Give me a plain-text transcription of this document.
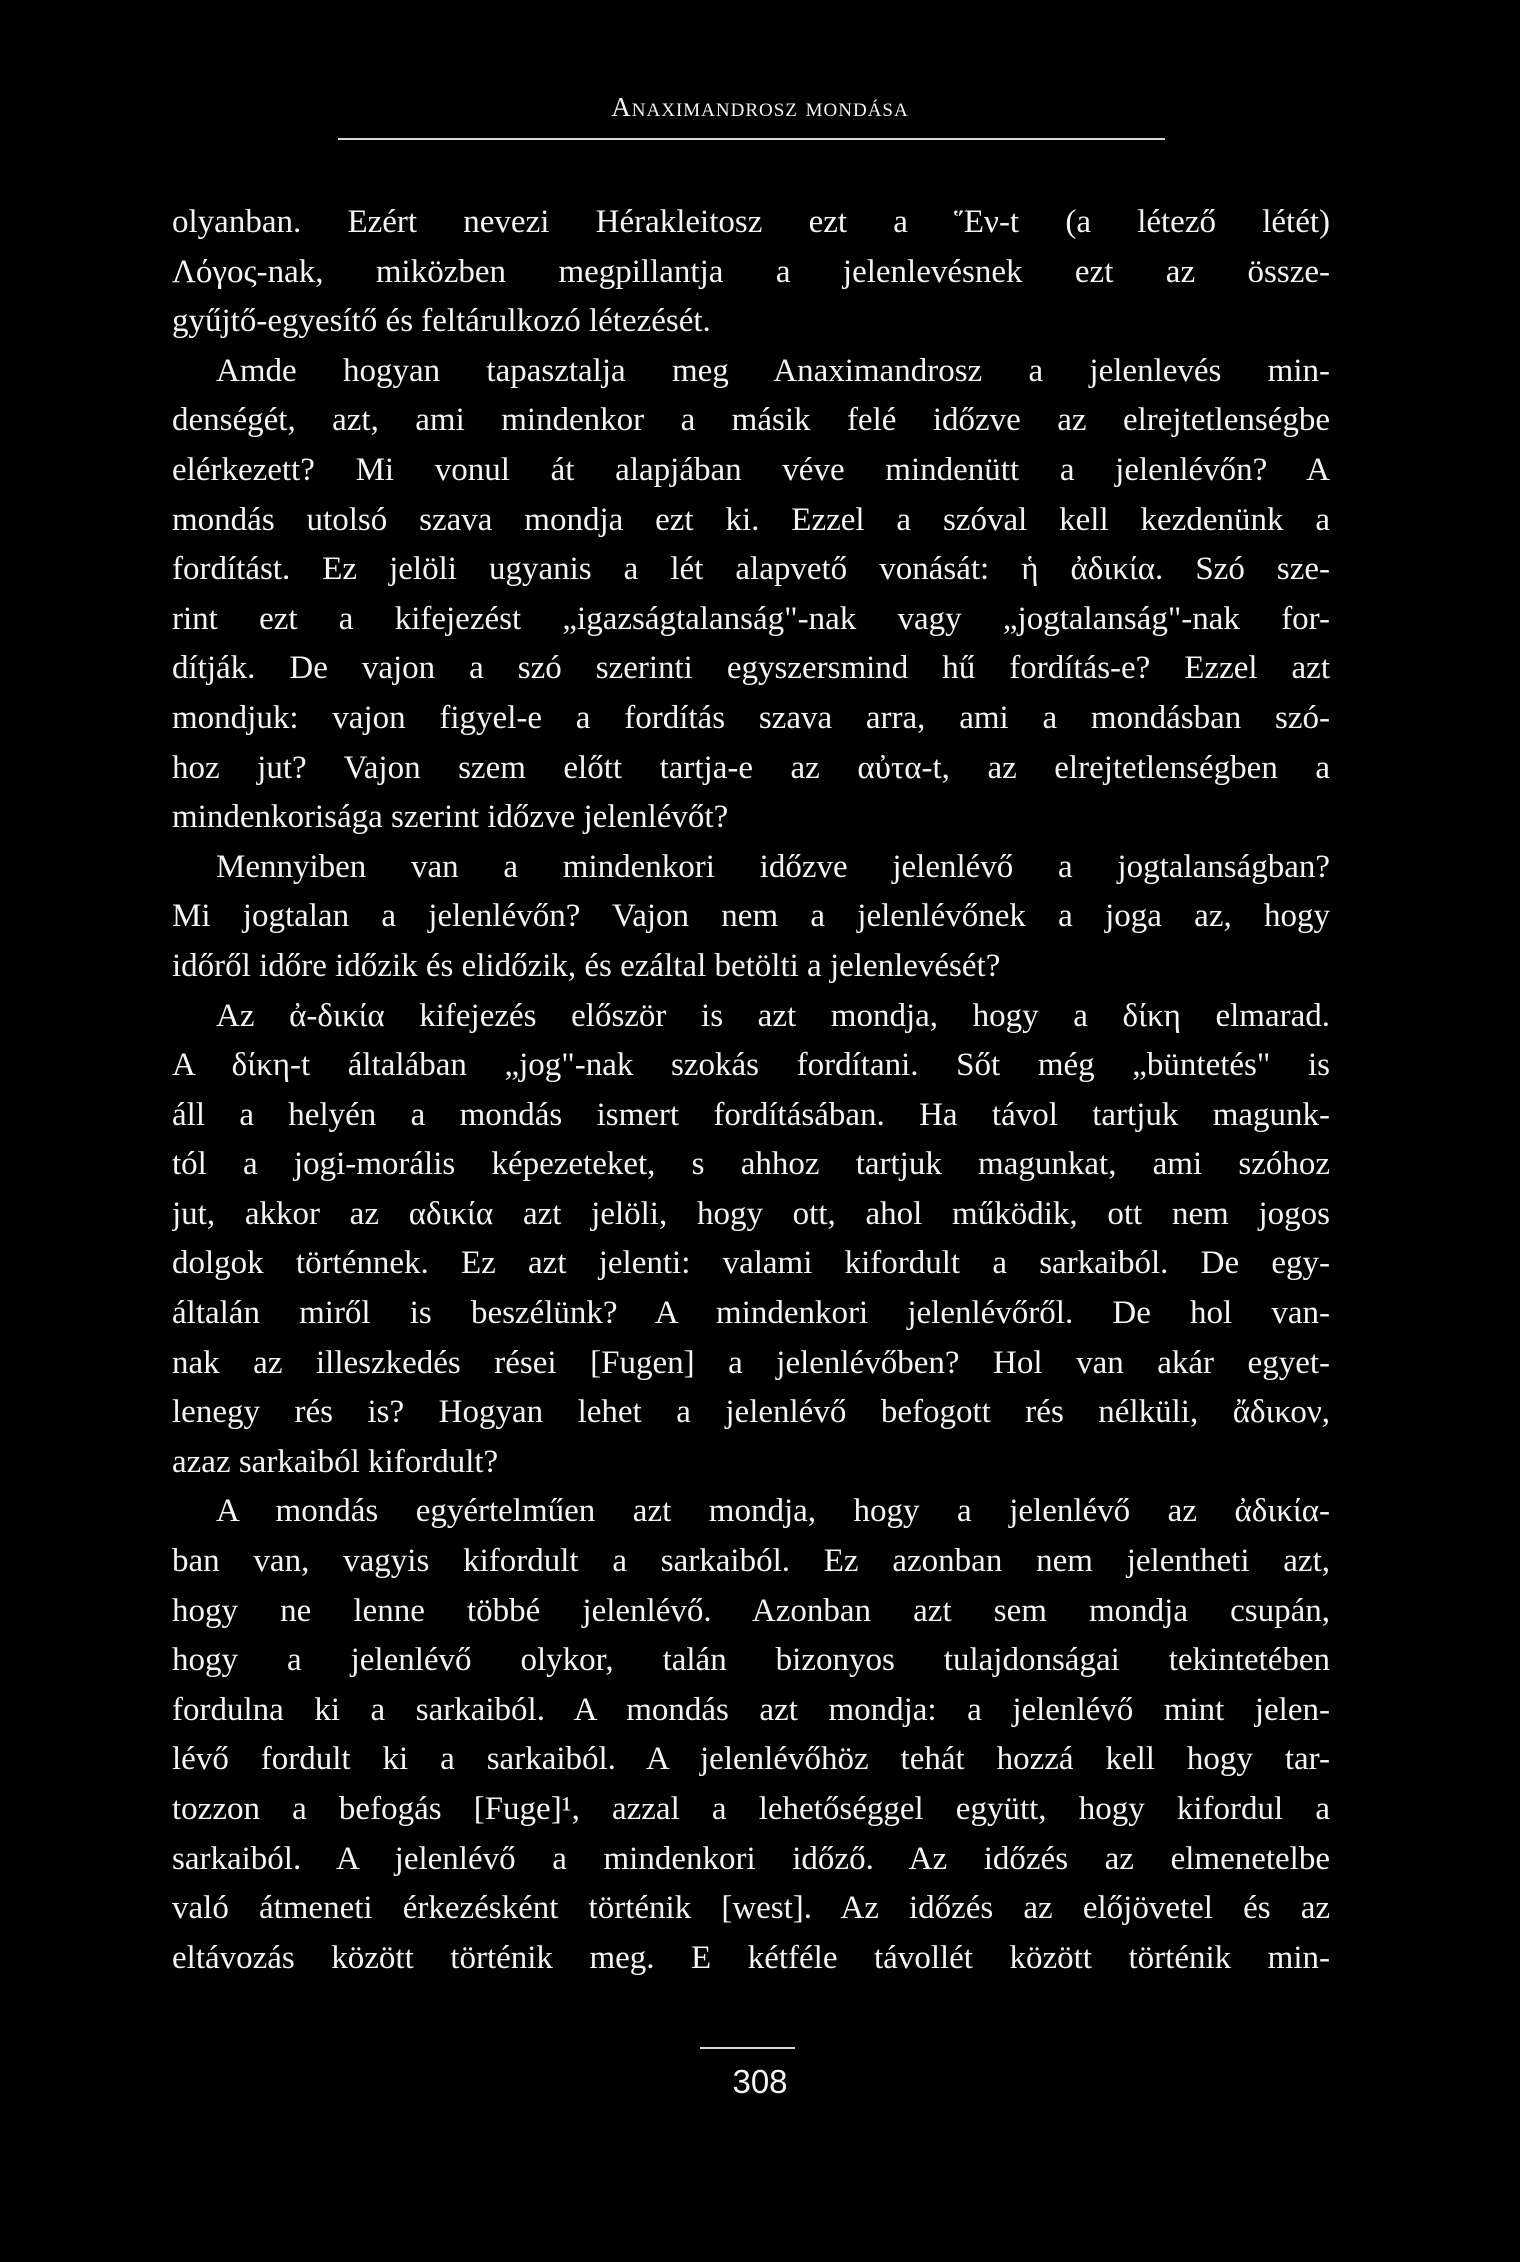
Anaximandrosz mondása
olyanban. Ezért nevezi Hérakleitosz ezt a Ἕν-t (a létező létét)
Λόγος-nak, miközben megpillantja a jelenlevésnek ezt az össze-
gyűjtő-egyesítő és feltárulkozó létezését.
Amde hogyan tapasztalja meg Anaximandrosz a jelenlevés min-
denségét, azt, ami mindenkor a másik felé időzve az elrejtetlenségbe
elérkezett? Mi vonul át alapjában véve mindenütt a jelenlévőn? A
mondás utolsó szava mondja ezt ki. Ezzel a szóval kell kezdenünk a
fordítást. Ez jelöli ugyanis a lét alapvető vonását: ἡ ἀδικία. Szó sze-
rint ezt a kifejezést „igazságtalanság"-nak vagy „jogtalanság"-nak for-
dítják. De vajon a szó szerinti egyszersmind hű fordítás-e? Ezzel azt
mondjuk: vajon figyel-e a fordítás szava arra, ami a mondásban szó-
hoz jut? Vajon szem előtt tartja-e az αὐτα-t, az elrejtetlenségben a
mindenkorisága szerint időzve jelenlévőt?
Mennyiben van a mindenkori időzve jelenlévő a jogtalanságban?
Mi jogtalan a jelenlévőn? Vajon nem a jelenlévőnek a joga az, hogy
időről időre időzik és elidőzik, és ezáltal betölti a jelenlevését?
Az ἀ-δικία kifejezés először is azt mondja, hogy a δίκη elmarad.
A δίκη-t általában „jog"-nak szokás fordítani. Sőt még „büntetés" is
áll a helyén a mondás ismert fordításában. Ha távol tartjuk magunk-
tól a jogi-morális képezeteket, s ahhoz tartjuk magunkat, ami szóhoz
jut, akkor az αδικία azt jelöli, hogy ott, ahol működik, ott nem jogos
dolgok történnek. Ez azt jelenti: valami kifordult a sarkaiból. De egy-
általán miről is beszélünk? A mindenkori jelenlévőről. De hol van-
nak az illeszkedés rései [Fugen] a jelenlévőben? Hol van akár egyet-
lenegy rés is? Hogyan lehet a jelenlévő befogott rés nélküli, ἄδικον,
azaz sarkaiból kifordult?
A mondás egyértelműen azt mondja, hogy a jelenlévő az ἀδικία-
ban van, vagyis kifordult a sarkaiból. Ez azonban nem jelentheti azt,
hogy ne lenne többé jelenlévő. Azonban azt sem mondja csupán,
hogy a jelenlévő olykor, talán bizonyos tulajdonságai tekintetében
fordulna ki a sarkaiból. A mondás azt mondja: a jelenlévő mint jelen-
lévő fordult ki a sarkaiból. A jelenlévőhöz tehát hozzá kell hogy tar-
tozzon a befogás [Fuge]¹, azzal a lehetőséggel együtt, hogy kifordul a
sarkaiból. A jelenlévő a mindenkori időző. Az időzés az elmenetelbe
való átmeneti érkezésként történik [west]. Az időzés az előjövetel és az
eltávozás között történik meg. E kétféle távollét között történik min-
308
